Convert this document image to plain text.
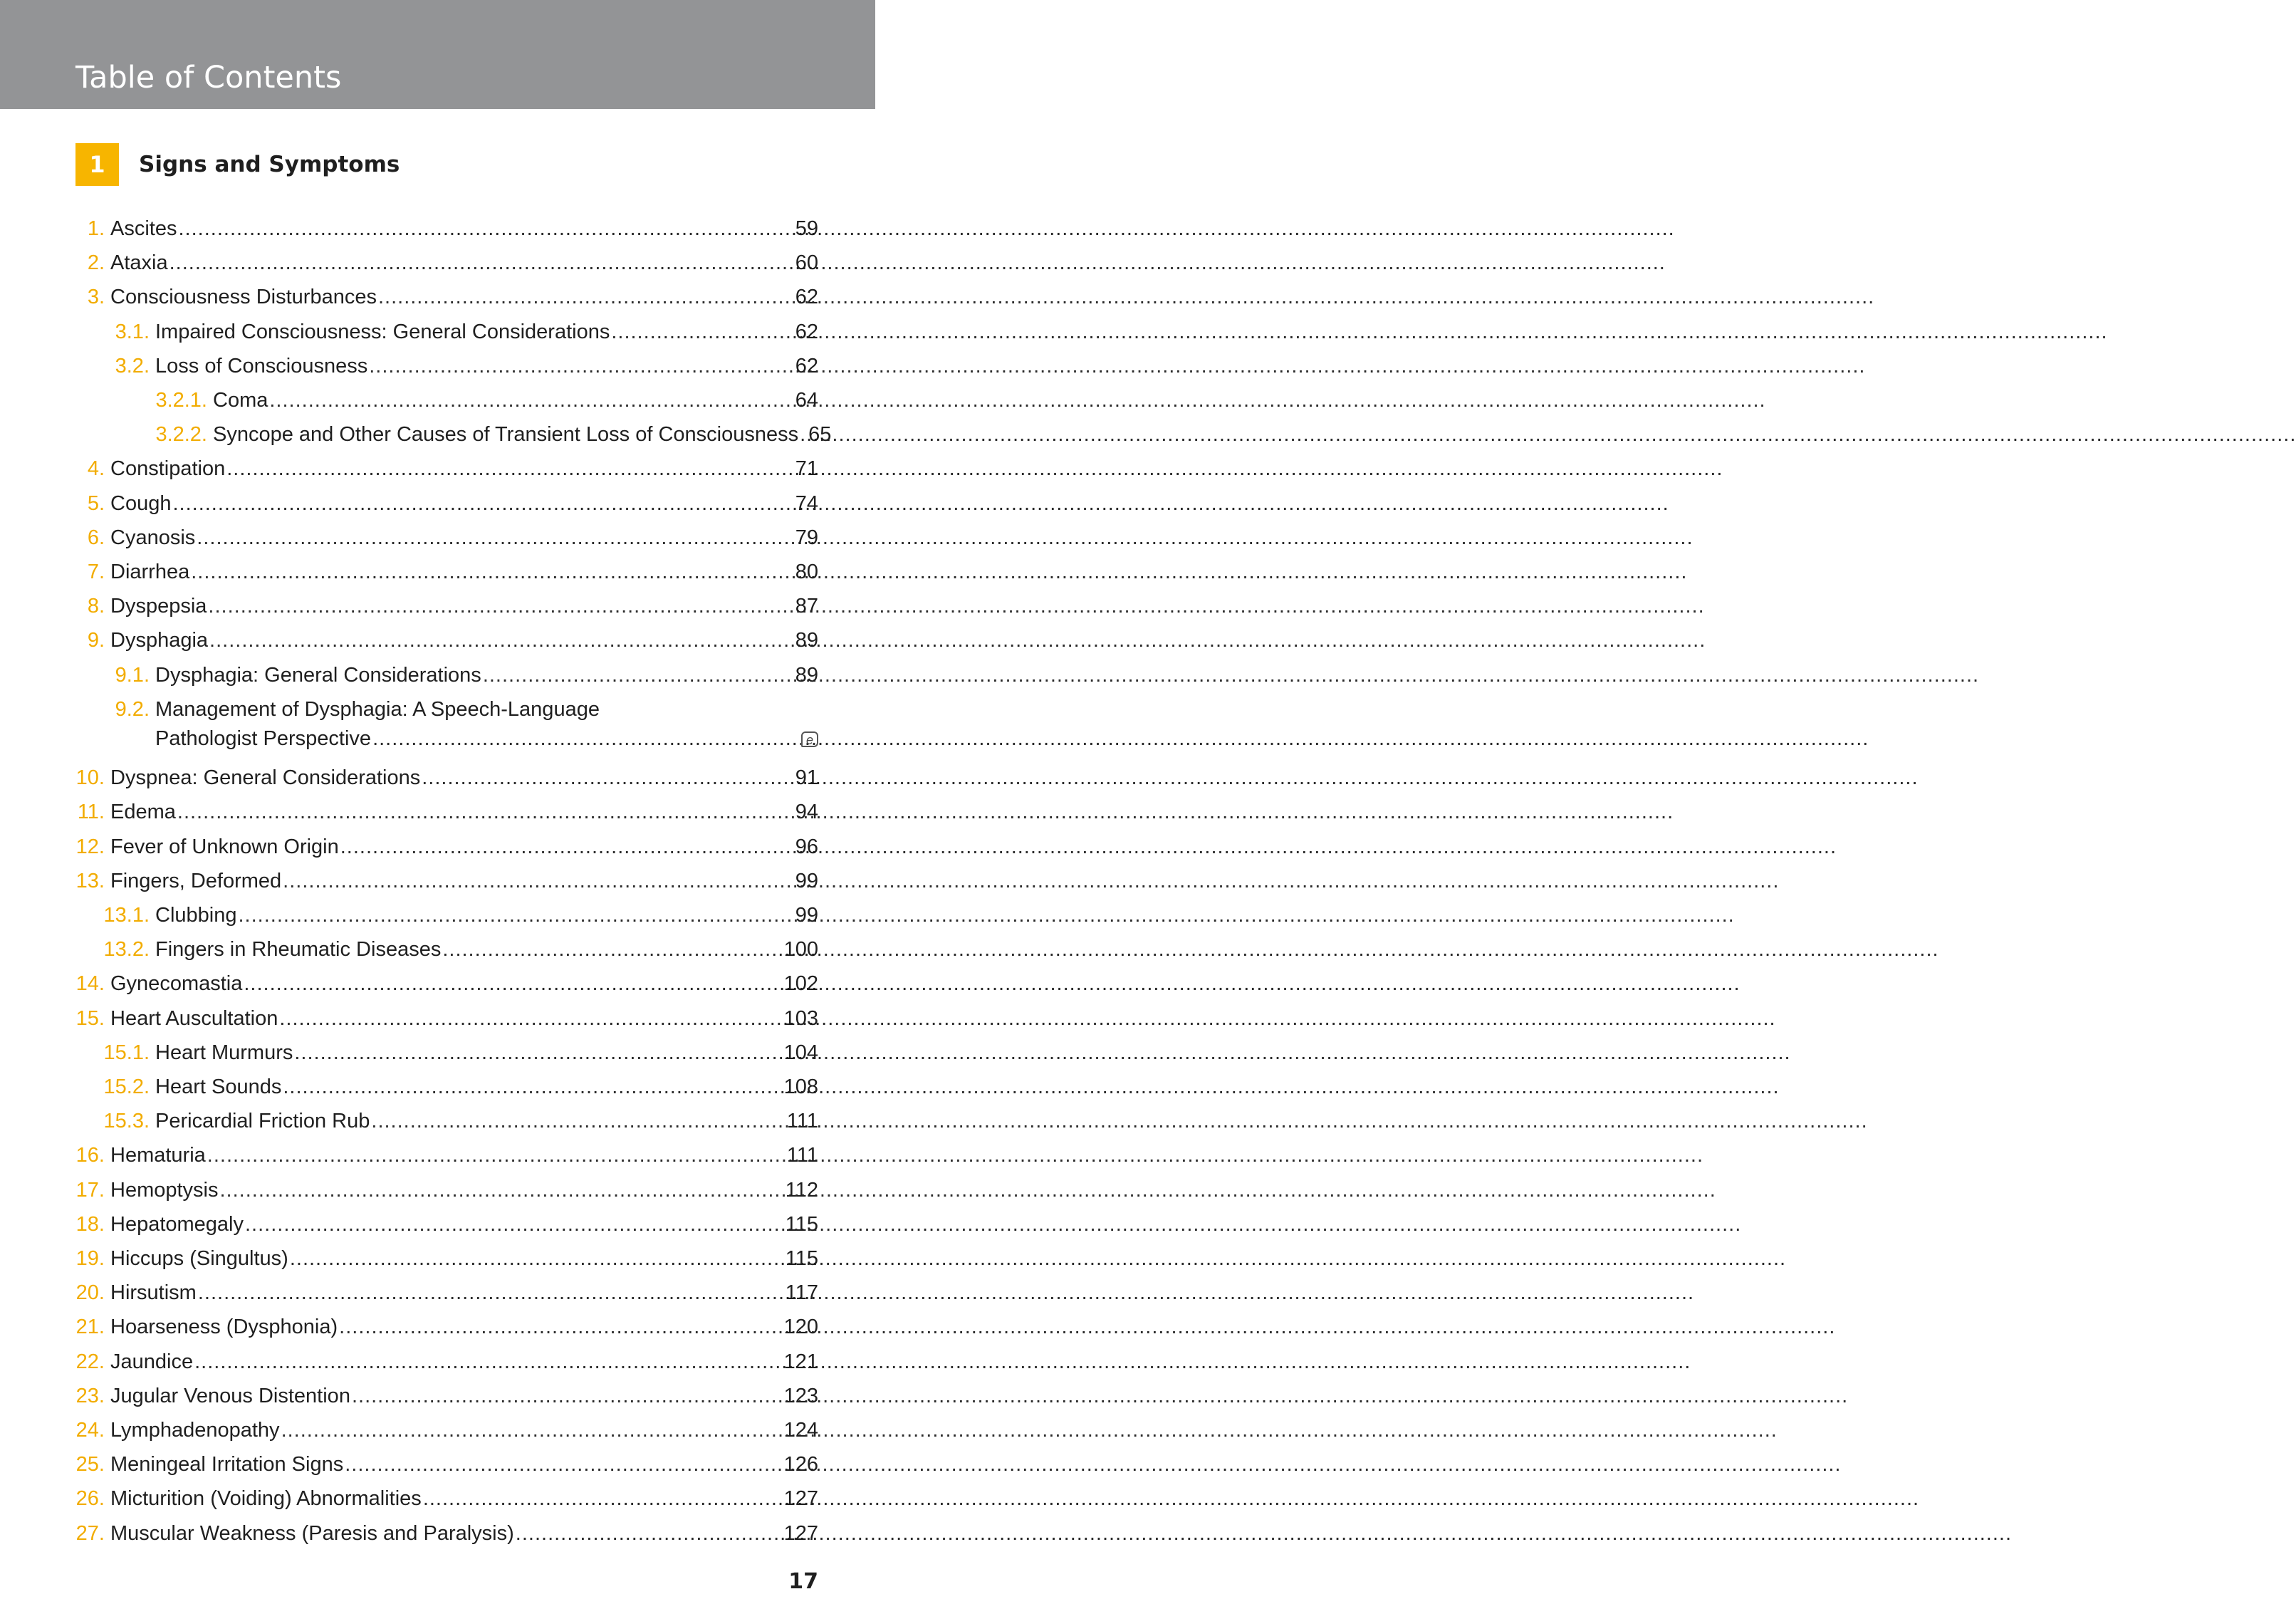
Table of Contents
1	Signs and Symptoms
1. Ascites .....	59
2. Ataxia .....	60
3. Consciousness Disturbances .....	62
3.1. Impaired Consciousness: General Considerations .....	62
3.2. Loss of Consciousness .....	62
3.2.1. Coma .....	64
3.2.2. Syncope and Other Causes of Transient Loss of Consciousness ..... 65
4. Constipation .....	71
5. Cough .....	74
6. Cyanosis .....	79
7. Diarrhea .....	80
8. Dyspepsia .....	87
9. Dysphagia .....	89
9.1. Dysphagia: General Considerations .....	89
9.2. Management of Dysphagia: A Speech-Language
Pathologist Perspective .....	e
10. Dyspnea: General Considerations .....	91
11. Edema .....	94
12. Fever of Unknown Origin .....	96
13. Fingers, Deformed .....	99
13.1. Clubbing .....	99
13.2. Fingers in Rheumatic Diseases .....	100
14. Gynecomastia .....	102
15. Heart Auscultation .....	103
15.1. Heart Murmurs .....	104
15.2. Heart Sounds .....	108
15.3. Pericardial Friction Rub .....	111
16. Hematuria .....	111
17. Hemoptysis .....	112
18. Hepatomegaly .....	115
19. Hiccups (Singultus) .....	115
20. Hirsutism .....	117
21. Hoarseness (Dysphonia) .....	120
22. Jaundice .....	121
23. Jugular Venous Distention .....	123
24. Lymphadenopathy .....	124
25. Meningeal Irritation Signs .....	126
26. Micturition (Voiding) Abnormalities .....	127
27. Muscular Weakness (Paresis and Paralysis) .....	127
17
